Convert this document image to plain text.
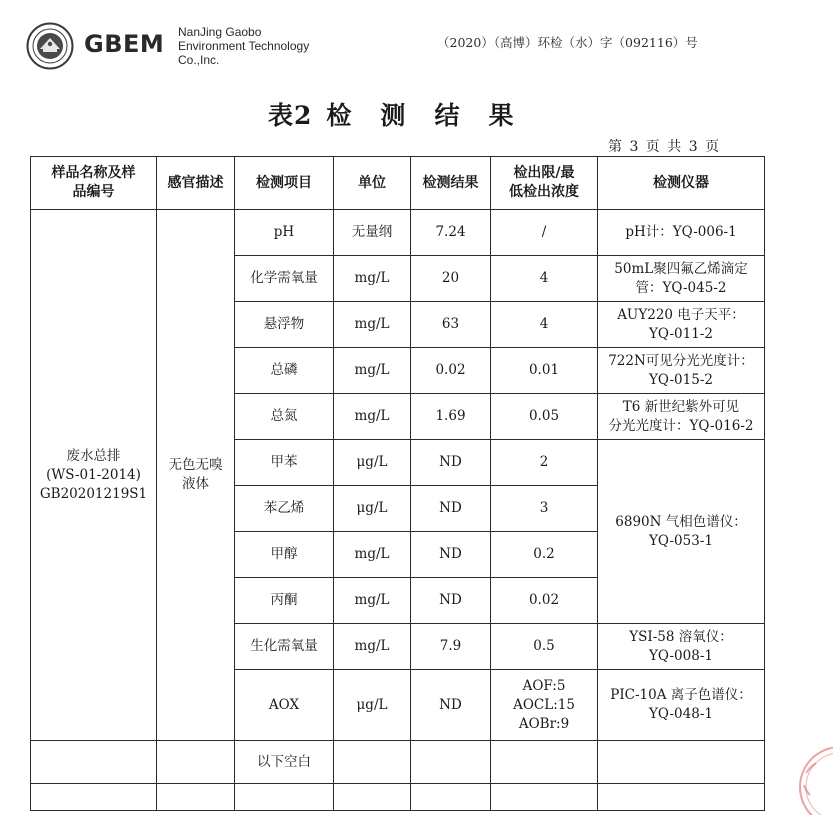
GBEM NanJing Gaobo
Environment Technology
Co.,Inc.
（2020）（高博）环检（水）字（092116）号
表2 检 测 结 果
第 3 页 共 3 页
样品名称及样品编号	感官描述	检测项目	单位	检测结果	检出限/最低检出浓度	检测仪器

废水总排
(WS-01-2014)
GB20201219S1	无色无嗅液体	pH	无量纲	7.24	/	pH计：YQ-006-1
		化学需氧量	mg/L	20	4	50mL聚四氟乙烯滴定
管：YQ-045-2

		悬浮物	mg/L	63	4	AUY220 电子天平：
YQ-011-2

		总磷	mg/L	0.02	0.01	722N可见分光光度计：
YQ-015-2

		总氮	mg/L	1.69	0.05	T6 新世纪紫外可见
分光光度计：YQ-016-2

		甲苯	μg/L	ND	2	6890N 气相色谱仪：
YQ-053-1

		苯乙烯	μg/L	ND	3	
		甲醇	mg/L	ND	0.2	
		丙酮	mg/L	ND	0.02	
		生化需氧量	mg/L	7.9	0.5	YSI-58 溶氧仪：
YQ-008-1

		AOX	μg/L	ND	AOF:5
AOCL:15
AOBr:9	PIC-10A 离子色谱仪：
YQ-048-1

		以下空白				
